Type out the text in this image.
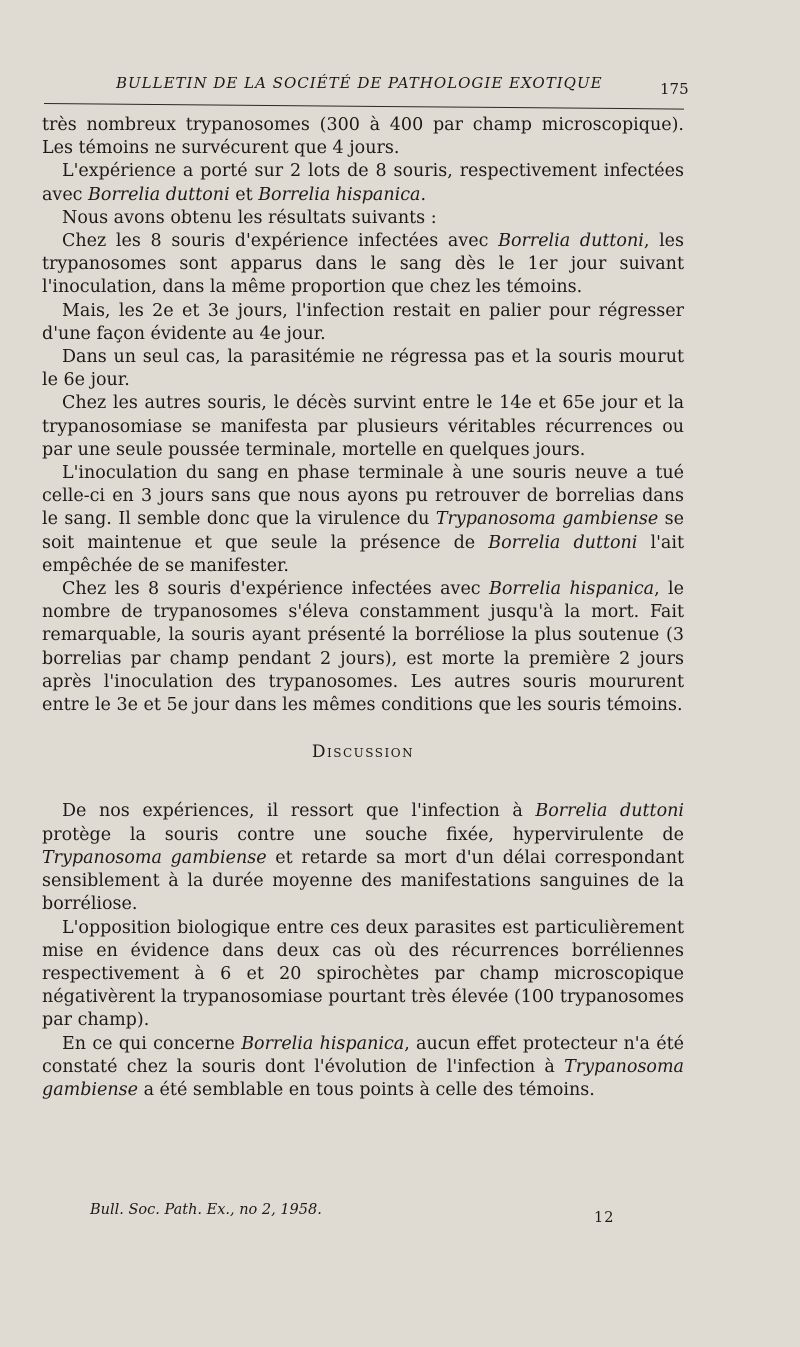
BULLETIN DE LA SOCIÉTÉ DE PATHOLOGIE EXOTIQUE	175

très nombreux trypanosomes (300 à 400 par champ microscopique). Les témoins ne survécurent que 4 jours.

L'expérience a porté sur 2 lots de 8 souris, respectivement infectées avec Borrelia duttoni et Borrelia hispanica.

Nous avons obtenu les résultats suivants :

Chez les 8 souris d'expérience infectées avec Borrelia duttoni, les trypanosomes sont apparus dans le sang dès le 1er jour suivant l'inoculation, dans la même proportion que chez les témoins.

Mais, les 2e et 3e jours, l'infection restait en palier pour régresser d'une façon évidente au 4e jour.

Dans un seul cas, la parasitémie ne régressa pas et la souris mourut le 6e jour.

Chez les autres souris, le décès survint entre le 14e et 65e jour et la trypanosomiase se manifesta par plusieurs véritables récurrences ou par une seule poussée terminale, mortelle en quelques jours.

L'inoculation du sang en phase terminale à une souris neuve a tué celle-ci en 3 jours sans que nous ayons pu retrouver de borrelias dans le sang. Il semble donc que la virulence du Trypanosoma gambiense se soit maintenue et que seule la présence de Borrelia duttoni l'ait empêchée de se manifester.

Chez les 8 souris d'expérience infectées avec Borrelia hispanica, le nombre de trypanosomes s'éleva constamment jusqu'à la mort. Fait remarquable, la souris ayant présenté la borréliose la plus soutenue (3 borrelias par champ pendant 2 jours), est morte la première 2 jours après l'inoculation des trypanosomes. Les autres souris moururent entre le 3e et 5e jour dans les mêmes conditions que les souris témoins.

Discussion

De nos expériences, il ressort que l'infection à Borrelia duttoni protège la souris contre une souche fixée, hypervirulente de Trypanosoma gambiense et retarde sa mort d'un délai correspondant sensiblement à la durée moyenne des manifestations sanguines de la borréliose.

L'opposition biologique entre ces deux parasites est particulièrement mise en évidence dans deux cas où des récurrences borréliennes respectivement à 6 et 20 spirochètes par champ microscopique négativèrent la trypanosomiase pourtant très élevée (100 trypanosomes par champ).

En ce qui concerne Borrelia hispanica, aucun effet protecteur n'a été constaté chez la souris dont l'évolution de l'infection à Trypanosoma gambiense a été semblable en tous points à celle des témoins.

Bull. Soc. Path. Ex., no 2, 1958.	12
